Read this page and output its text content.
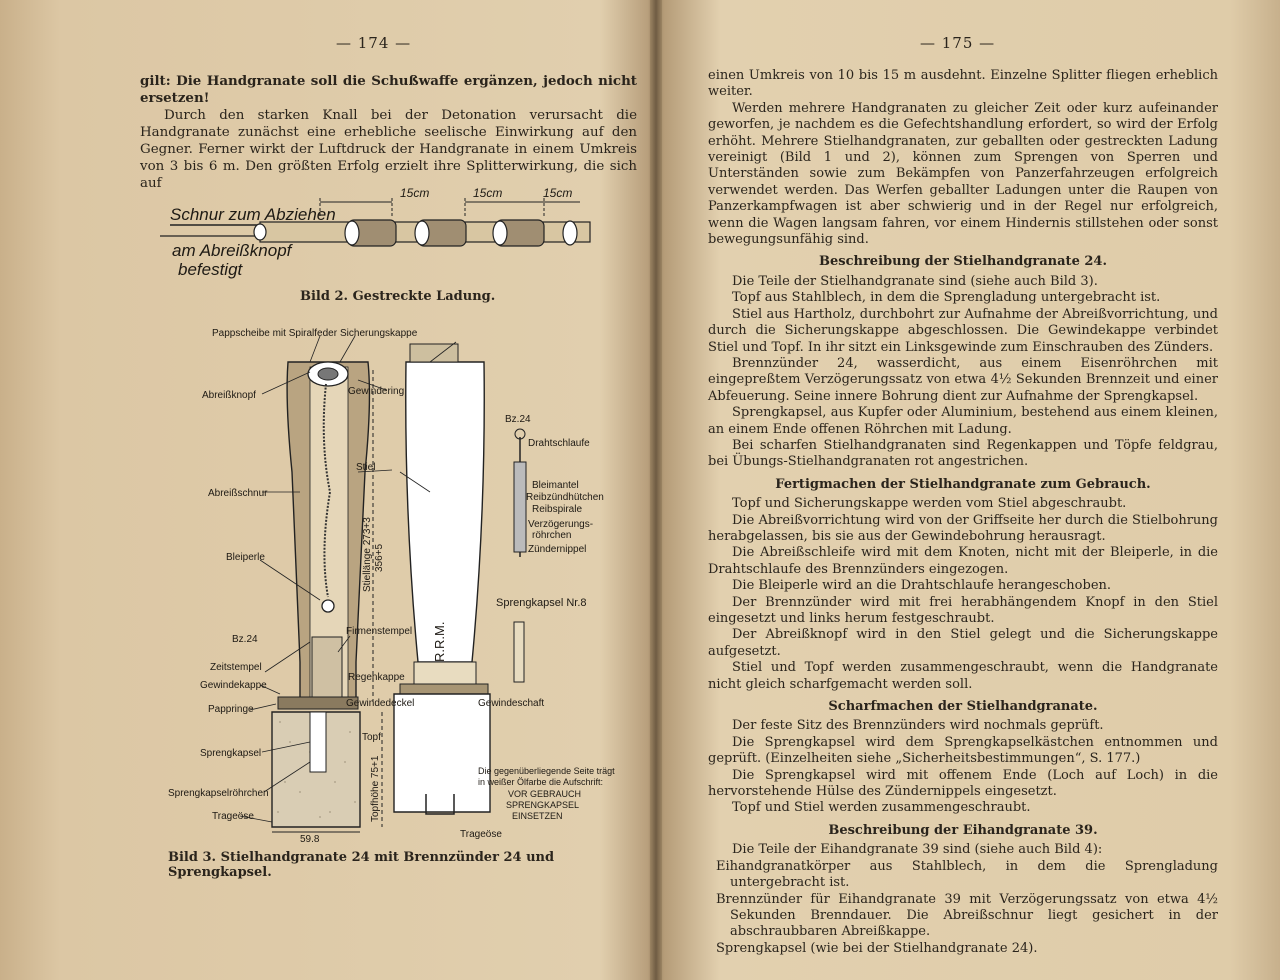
— 174 —

gilt: Die Handgranate soll die Schußwaffe ergänzen, jedoch nicht ersetzen!

Durch den starken Knall bei der Detonation verursacht die Handgranate zunächst eine erhebliche seelische Einwirkung auf den Gegner. Ferner wirkt der Luftdruck der Handgranate in einem Umkreis von 3 bis 6 m. Den größten Erfolg erzielt ihre Splitterwirkung, die sich auf

15cm	15cm	15cm
Schnur zum Abziehen
am Abreißknopf
befestigt
Bild 2. Gestreckte Ladung.
59.8
Stiellänge 273+3 356+5
Topfhöhe 75+1
R.R.M.
Pappscheibe mit Spiralfeder Sicherungskappe
Abreißknopf	Gewindering
Bz.24
Drahtschlaufe
Bleimantel
Reibzündhütchen
Reibspirale
Verzögerungs-
röhrchen
Zündernippel
Stiel
Abreißschnur
Sprengkapsel Nr.8
Bleiperle
Firmenstempel
Bz.24
Zeitstempel
Regenkappe
Gewindekappe
Gewindedeckel	Gewindeschaft
Pappringe
Topf
Sprengkapsel
Sprengkapselröhrchen
Trageöse
Trageöse
Die gegenüberliegende Seite trägt
in weißer Ölfarbe die Aufschrift:
VOR GEBRAUCH
SPRENGKAPSEL
EINSETZEN
Bild 3. Stielhandgranate 24 mit Brennzünder 24 und Sprengkapsel.
— 175 —

einen Umkreis von 10 bis 15 m ausdehnt. Einzelne Splitter fliegen erheblich weiter.

Werden mehrere Handgranaten zu gleicher Zeit oder kurz aufeinander geworfen, je nachdem es die Gefechtshandlung erfordert, so wird der Erfolg erhöht. Mehrere Stielhandgranaten, zur geballten oder gestreckten Ladung vereinigt (Bild 1 und 2), können zum Sprengen von Sperren und Unterständen sowie zum Bekämpfen von Panzerfahrzeugen erfolgreich verwendet werden. Das Werfen geballter Ladungen unter die Raupen von Panzerkampfwagen ist aber schwierig und in der Regel nur erfolgreich, wenn die Wagen langsam fahren, vor einem Hindernis stillstehen oder sonst bewegungsunfähig sind.

Beschreibung der Stielhandgranate 24.

Die Teile der Stielhandgranate sind (siehe auch Bild 3).

Topf aus Stahlblech, in dem die Sprengladung untergebracht ist.

Stiel aus Hartholz, durchbohrt zur Aufnahme der Abreißvorrichtung, und durch die Sicherungskappe abgeschlossen. Die Gewindekappe verbindet Stiel und Topf. In ihr sitzt ein Linksgewinde zum Einschrauben des Zünders.

Brennzünder 24, wasserdicht, aus einem Eisenröhrchen mit eingepreßtem Verzögerungssatz von etwa 4½ Sekunden Brennzeit und einer Abfeuerung. Seine innere Bohrung dient zur Aufnahme der Sprengkapsel.

Sprengkapsel, aus Kupfer oder Aluminium, bestehend aus einem kleinen, an einem Ende offenen Röhrchen mit Ladung.

Bei scharfen Stielhandgranaten sind Regenkappen und Töpfe feldgrau, bei Übungs-Stielhandgranaten rot angestrichen.

Fertigmachen der Stielhandgranate zum Gebrauch.

Topf und Sicherungskappe werden vom Stiel abgeschraubt.

Die Abreißvorrichtung wird von der Griffseite her durch die Stielbohrung herabgelassen, bis sie aus der Gewindebohrung herausragt.

Die Abreißschleife wird mit dem Knoten, nicht mit der Bleiperle, in die Drahtschlaufe des Brennzünders eingezogen.

Die Bleiperle wird an die Drahtschlaufe herangeschoben.

Der Brennzünder wird mit frei herabhängendem Knopf in den Stiel eingesetzt und links herum festgeschraubt.

Der Abreißknopf wird in den Stiel gelegt und die Sicherungskappe aufgesetzt.

Stiel und Topf werden zusammengeschraubt, wenn die Handgranate nicht gleich scharfgemacht werden soll.

Scharfmachen der Stielhandgranate.

Der feste Sitz des Brennzünders wird nochmals geprüft.

Die Sprengkapsel wird dem Sprengkapselkästchen entnommen und geprüft. (Einzelheiten siehe „Sicherheitsbestimmungen“, S. 177.)

Die Sprengkapsel wird mit offenem Ende (Loch auf Loch) in die hervorstehende Hülse des Zündernippels eingesetzt.

Topf und Stiel werden zusammengeschraubt.

Beschreibung der Eihandgranate 39.

Die Teile der Eihandgranate 39 sind (siehe auch Bild 4):

Eihandgranatkörper aus Stahlblech, in dem die Sprengladung untergebracht ist.

Brennzünder für Eihandgranate 39 mit Verzögerungssatz von etwa 4½ Sekunden Brenndauer. Die Abreißschnur liegt gesichert in der abschraubbaren Abreißkappe.

Sprengkapsel (wie bei der Stielhandgranate 24).
